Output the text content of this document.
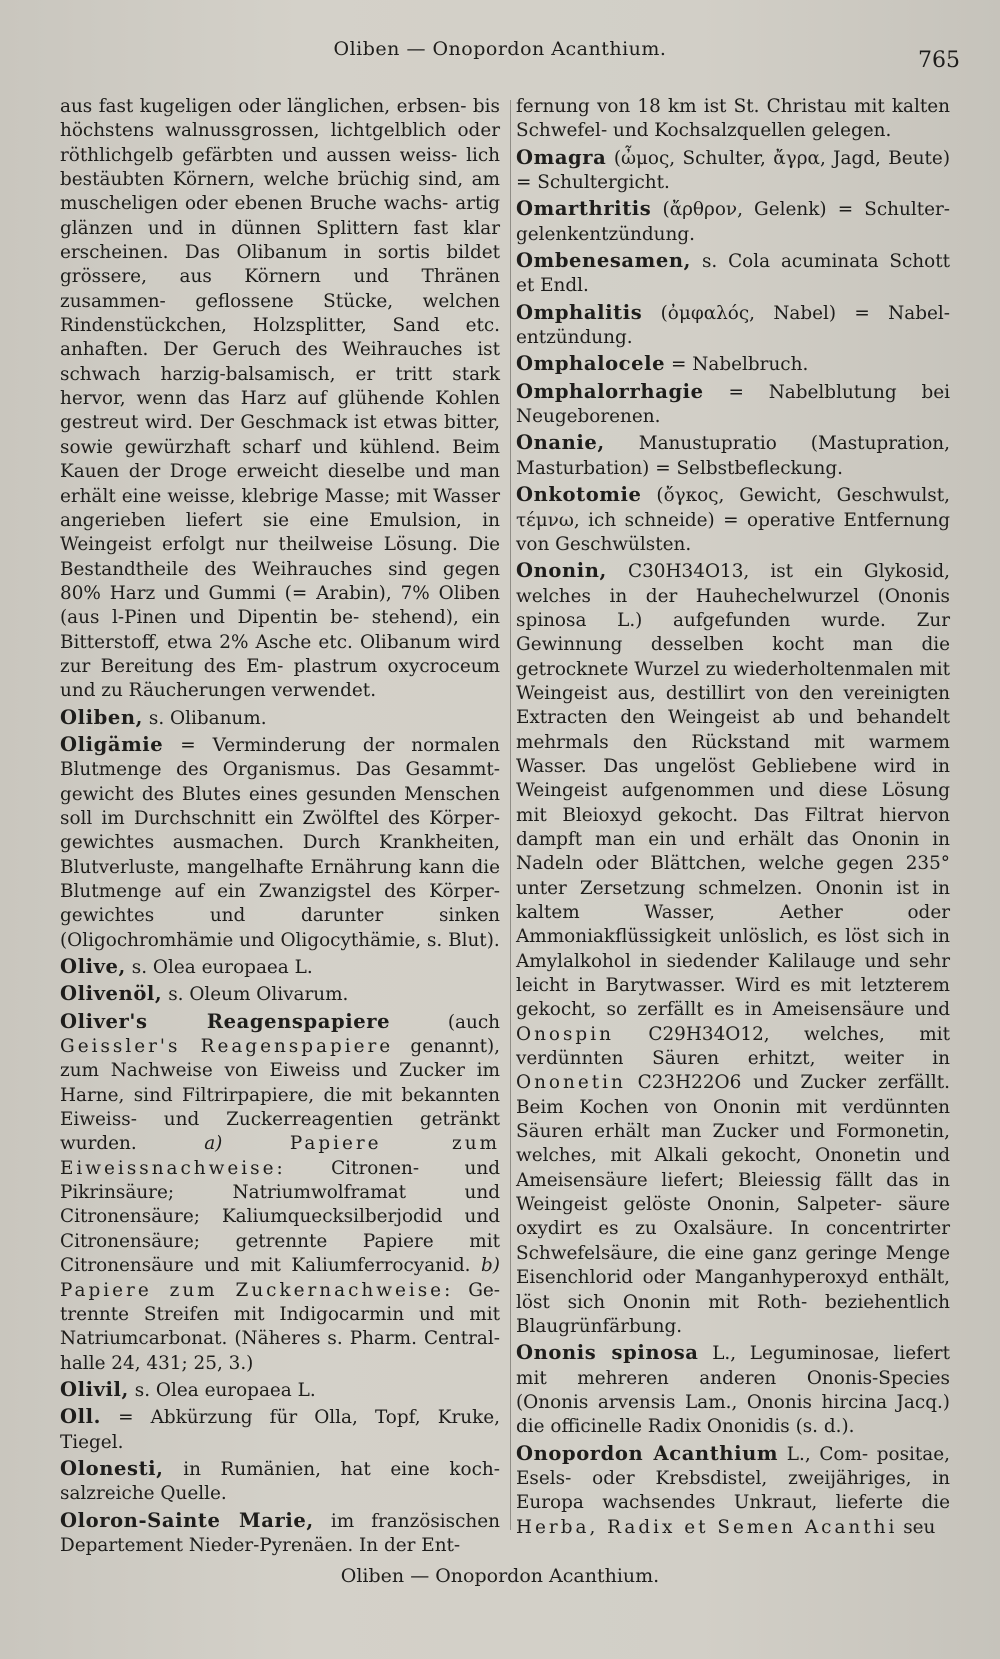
Oliben — Onopordon Acanthium.	765

aus fast kugeligen oder länglichen, erbsen- bis höchstens walnussgrossen, lichtgelblich oder röthlichgelb gefärbten und aussen weiss- lich bestäubten Körnern, welche brüchig sind, am muscheligen oder ebenen Bruche wachs- artig glänzen und in dünnen Splittern fast klar erscheinen. Das Olibanum in sortis bildet grössere, aus Körnern und Thränen zusammen- geflossene Stücke, welchen Rindenstückchen, Holzsplitter, Sand etc. anhaften. Der Geruch des Weihrauches ist schwach harzig-balsamisch, er tritt stark hervor, wenn das Harz auf glühende Kohlen gestreut wird. Der Geschmack ist etwas bitter, sowie gewürzhaft scharf und kühlend. Beim Kauen der Droge erweicht dieselbe und man erhält eine weisse, klebrige Masse; mit Wasser angerieben liefert sie eine Emulsion, in Weingeist erfolgt nur theilweise Lösung. Die Bestandtheile des Weihrauches sind gegen 80% Harz und Gummi (= Arabin), 7% Oliben (aus l-Pinen und Dipentin be- stehend), ein Bitterstoff, etwa 2% Asche etc. Olibanum wird zur Bereitung des Em- plastrum oxycroceum und zu Räucherungen verwendet.

Oliben, s. Olibanum.

Oligämie = Verminderung der normalen Blutmenge des Organismus. Das Gesammt- gewicht des Blutes eines gesunden Menschen soll im Durchschnitt ein Zwölftel des Körper- gewichtes ausmachen. Durch Krankheiten, Blutverluste, mangelhafte Ernährung kann die Blutmenge auf ein Zwanzigstel des Körper- gewichtes und darunter sinken (Oligochromhämie und Oligocythämie, s. Blut).

Olive, s. Olea europaea L.

Olivenöl, s. Oleum Olivarum.

Oliver's Reagenspapiere	(auch Geissler's Reagenspapiere genannt), zum Nachweise von Eiweiss und Zucker im Harne, sind Filtrirpapiere, die mit bekannten Eiweiss- und Zuckerreagentien getränkt wurden.	a)	Papiere zum Eiweissnachweise: Citronen- und Pikrinsäure; Natriumwolframat und Citronensäure; Kaliumquecksilberjodid und Citronensäure; getrennte Papiere mit Citronensäure und mit Kaliumferrocyanid. b) Papiere zum Zuckernachweise: Ge- trennte Streifen mit Indigocarmin und mit Natriumcarbonat. (Näheres s. Pharm. Central- halle 24, 431; 25, 3.)

Olivil, s. Olea europaea L.

Oll. = Abkürzung für Olla, Topf, Kruke, Tiegel.

Olonesti, in Rumänien, hat eine koch- salzreiche Quelle.

Oloron-Sainte Marie, im französischen Departement Nieder-Pyrenäen. In der Ent-

fernung von 18 km ist St. Christau mit kalten Schwefel- und Kochsalzquellen gelegen.

Omagra (ὦμος, Schulter, ἄγρα, Jagd, Beute) = Schultergicht.

Omarthritis (ἄρθρον, Gelenk) = Schulter- gelenkentzündung.

Ombenesamen, s. Cola acuminata Schott et Endl.

Omphalitis (ὀμφαλός, Nabel) = Nabel- entzündung.

Omphalocele = Nabelbruch.

Omphalorrhagie = Nabelblutung bei Neugeborenen.

Onanie, Manustupratio (Mastupration, Masturbation) = Selbstbefleckung.

Onkotomie (ὄγκος, Gewicht, Geschwulst, τέμνω, ich schneide) = operative Entfernung von Geschwülsten.

Ononin, C30H34O13, ist ein Glykosid, welches in der Hauhechelwurzel (Ononis spinosa L.) aufgefunden wurde. Zur Gewinnung desselben kocht man die getrocknete Wurzel zu wiederholtenmalen mit Weingeist aus, destillirt von den vereinigten Extracten den Weingeist ab und behandelt mehrmals den Rückstand mit warmem Wasser. Das ungelöst Gebliebene wird in Weingeist aufgenommen und diese Lösung mit Bleioxyd gekocht. Das Filtrat hiervon dampft man ein und erhält das Ononin in Nadeln oder Blättchen, welche gegen 235° unter Zersetzung schmelzen. Ononin ist in kaltem Wasser, Aether oder Ammoniakflüssigkeit unlöslich, es löst sich in Amylalkohol in siedender Kalilauge und sehr leicht in Barytwasser. Wird es mit letzterem gekocht, so zerfällt es in Ameisensäure und Onospin C29H34O12, welches, mit verdünnten Säuren erhitzt, weiter in Ononetin C23H22O6 und Zucker zerfällt. Beim Kochen von Ononin mit verdünnten Säuren erhält man Zucker und Formonetin, welches, mit Alkali gekocht, Ononetin und Ameisensäure liefert; Bleiessig fällt das in Weingeist gelöste Ononin, Salpeter- säure oxydirt es zu Oxalsäure. In concentrirter Schwefelsäure, die eine ganz geringe Menge Eisenchlorid oder Manganhyperoxyd enthält, löst sich Ononin mit Roth- beziehentlich Blaugrünfärbung.

Ononis spinosa L., Leguminosae, liefert mit mehreren anderen Ononis-Species (Ononis arvensis Lam., Ononis hircina Jacq.) die officinelle Radix Ononidis (s. d.).

Onopordon Acanthium L., Com- positae, Esels- oder Krebsdistel, zweijähriges, in Europa wachsendes Unkraut, lieferte die Herba, Radix et Semen Acanthi seu

Oliben — Onopordon Acanthium.
